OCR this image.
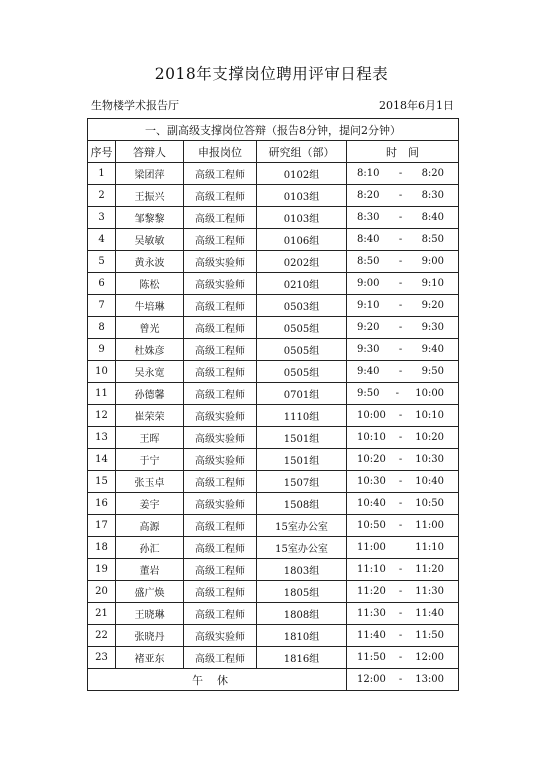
2018年支撑岗位聘用评审日程表
生物楼学术报告厅	2018年6月1日
一、副高级支撑岗位答辩（报告8分钟，提问2分钟）				
序号	答辩人	申报岗位	研究组（部）	时　间
1	梁团萍	高级工程师	0102组	8:10 - 8:20

2	王振兴	高级工程师	0103组	8:20 - 8:30

3	邹黎黎	高级工程师	0103组	8:30 - 8:40

4	吴敏敏	高级工程师	0106组	8:40 - 8:50

5	黄永波	高级实验师	0202组	8:50 - 9:00

6	陈松	高级实验师	0210组	9:00 - 9:10

7	牛培琳	高级工程师	0503组	9:10 - 9:20

8	曾光	高级工程师	0505组	9:20 - 9:30

9	杜姝彦	高级工程师	0505组	9:30 - 9:40

10	吴永宽	高级工程师	0505组	9:40 - 9:50

11	孙德馨	高级工程师	0701组	9:50 - 10:00

12	崔荣荣	高级实验师	1110组	10:00 - 10:10

13	王晖	高级实验师	1501组	10:10 - 10:20

14	于宁	高级实验师	1501组	10:20 - 10:30

15	张玉卓	高级工程师	1507组	10:30 - 10:40

16	姜宇	高级实验师	1508组	10:40 - 10:50

17	高源	高级工程师	15室办公室	10:50 - 11:00

18	孙汇	高级工程师	15室办公室	11:00 11:10

19	董岩	高级工程师	1803组	11:10 - 11:20

20	盛广焕	高级工程师	1805组	11:20 - 11:30

21	王晓琳	高级工程师	1808组	11:30 - 11:40

22	张晓丹	高级实验师	1810组	11:40 - 11:50

23	褚亚东	高级工程师	1816组	11:50 - 12:00

午休				12:00 - 13:00
